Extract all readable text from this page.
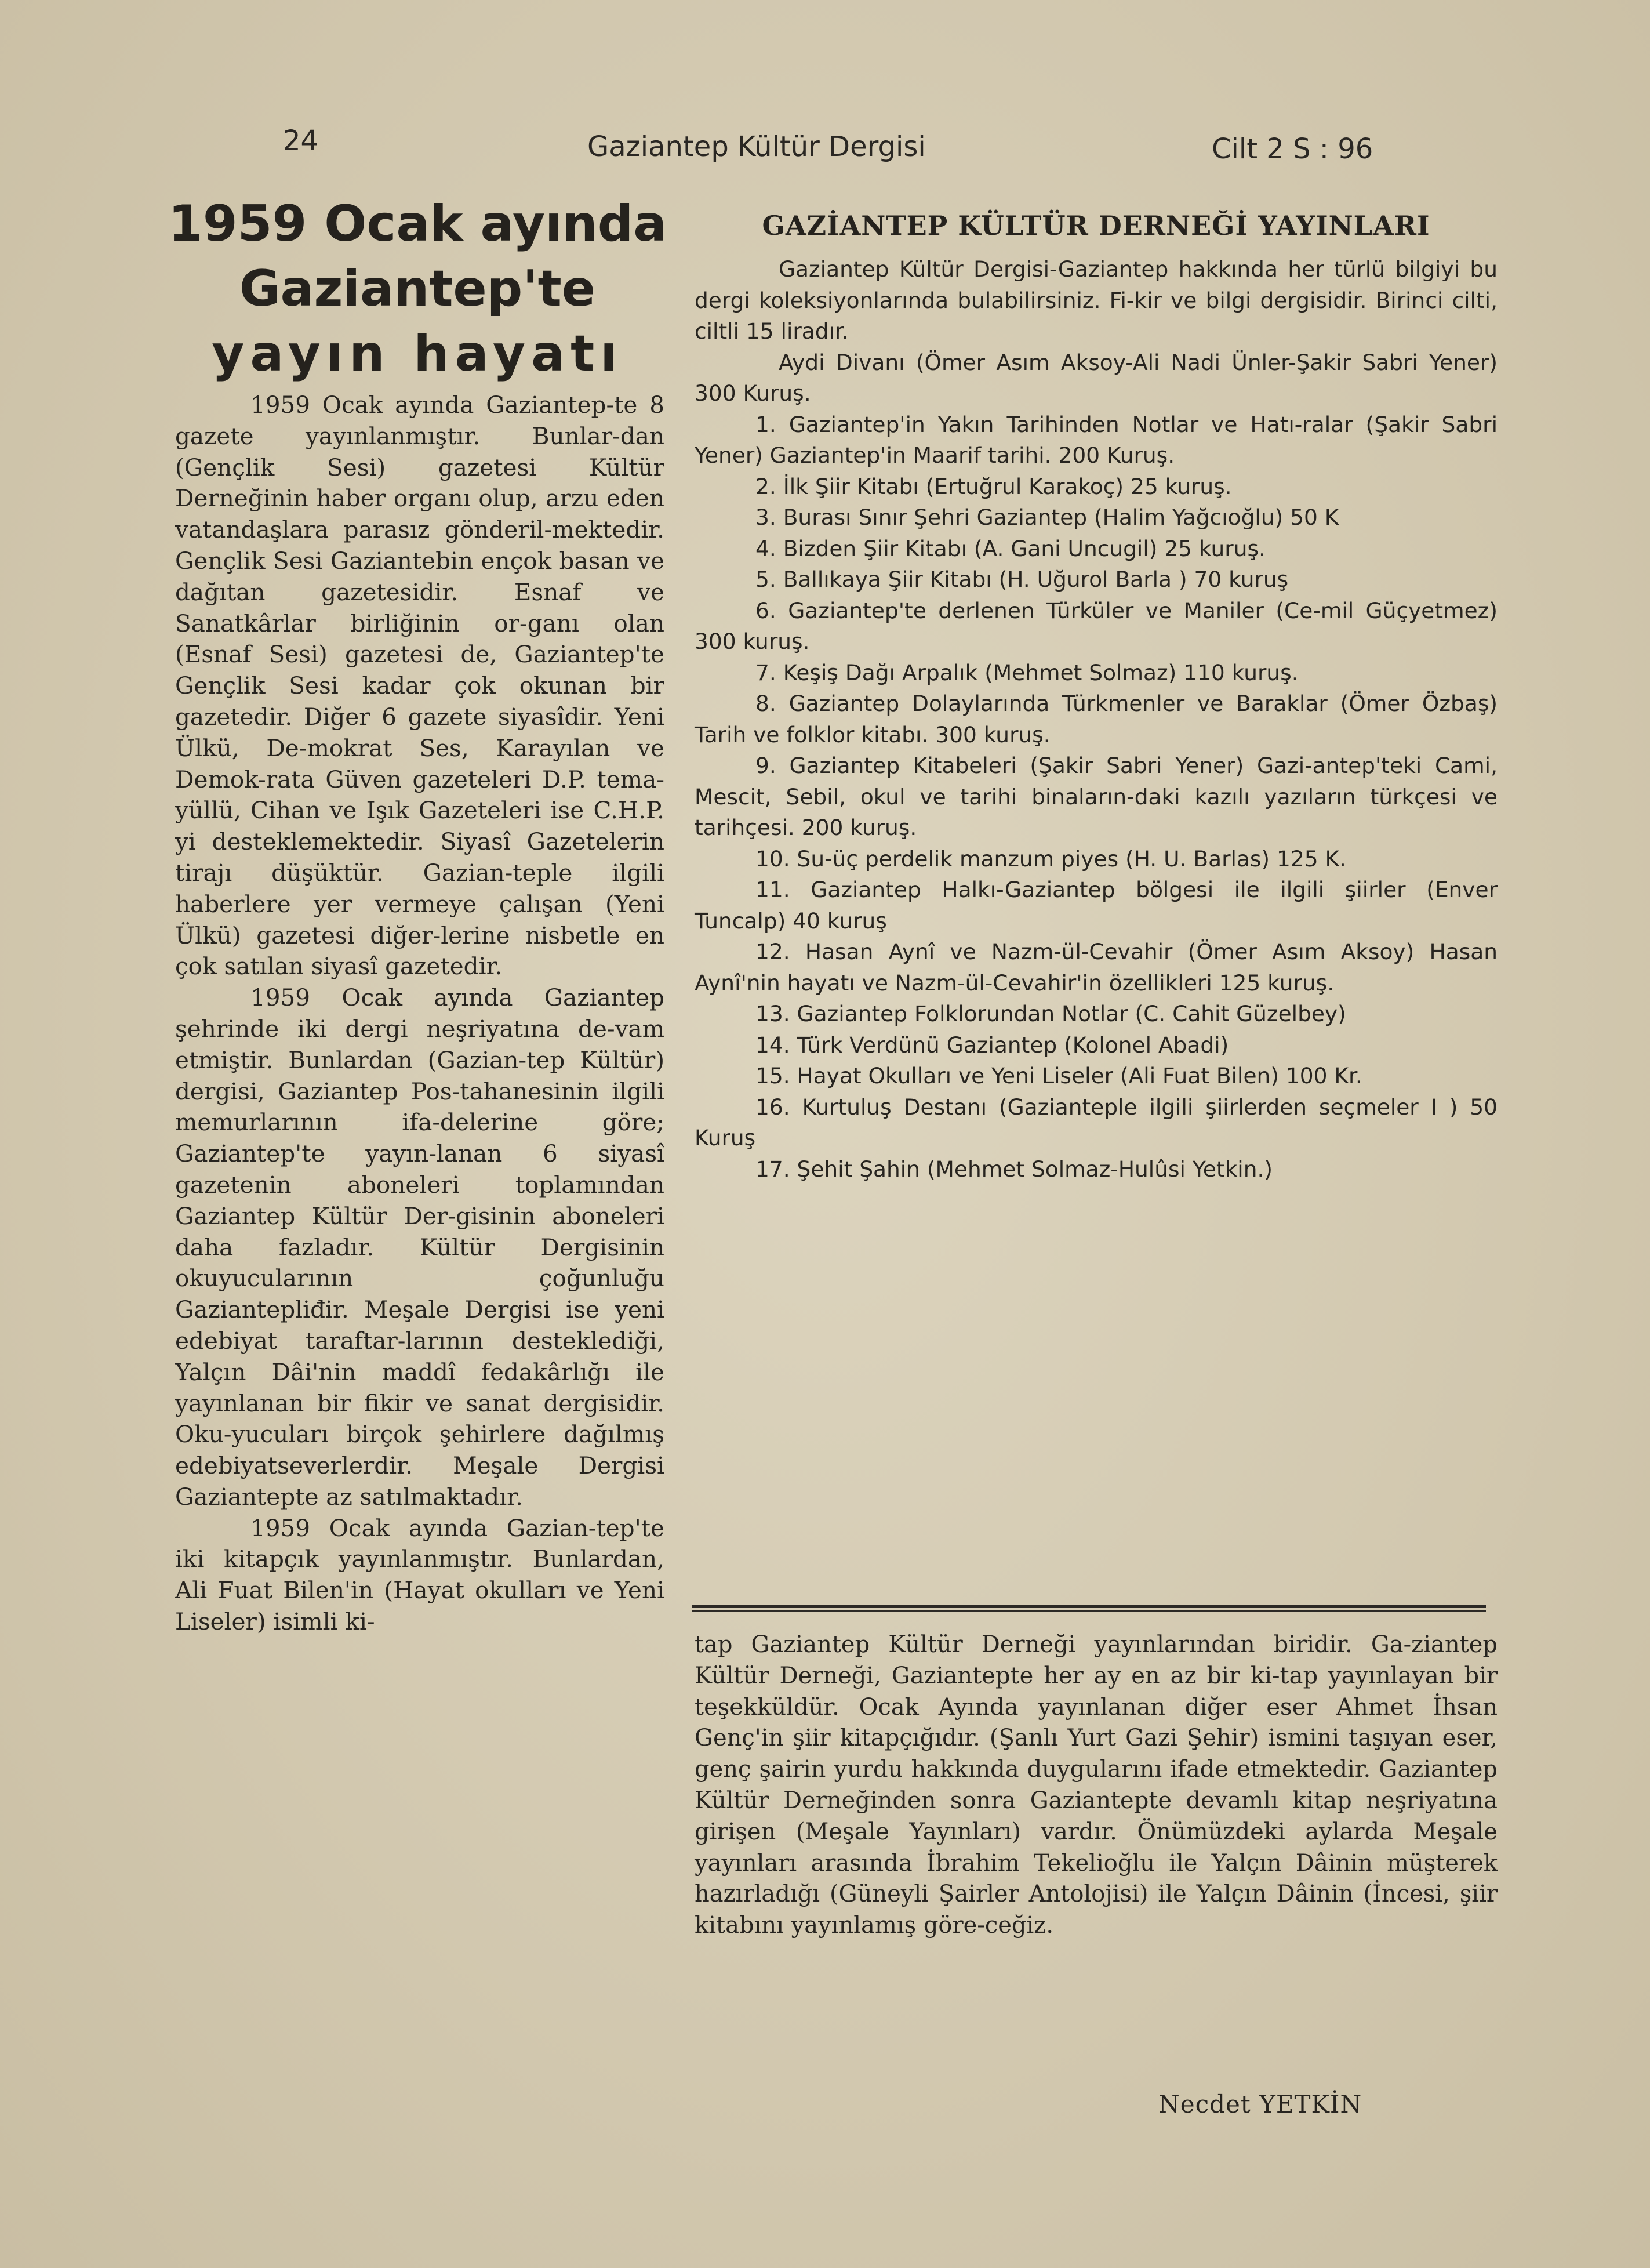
24	Gaziantep Kültür Dergisi	Cilt 2 S : 96
1959 Ocak ayında
Gaziantep'te
yayın hayatı

1959 Ocak ayında Gaziantep-te 8 gazete yayınlanmıştır. Bunlar-dan (Gençlik Sesi) gazetesi Kültür Derneğinin haber organı olup, arzu eden vatandaşlara parasız gönderil-mektedir. Gençlik Sesi Gaziantebin ençok basan ve dağıtan gazetesidir. Esnaf ve Sanatkârlar birliğinin or-ganı olan (Esnaf Sesi) gazetesi de, Gaziantep'te Gençlik Sesi kadar çok okunan bir gazetedir. Diğer 6 gazete siyasîdir. Yeni Ülkü, De-mokrat Ses, Karayılan ve Demok-rata Güven gazeteleri D.P. tema-yüllü, Cihan ve Işık Gazeteleri ise C.H.P. yi desteklemektedir. Siyasî Gazetelerin tirajı düşüktür. Gazian-teple ilgili haberlere yer vermeye çalışan (Yeni Ülkü) gazetesi diğer-lerine nisbetle en çok satılan siyasî gazetedir.

1959 Ocak ayında Gaziantep şehrinde iki dergi neşriyatına de-vam etmiştir. Bunlardan (Gazian-tep Kültür) dergisi, Gaziantep Pos-tahanesinin ilgili memurlarının ifa-delerine göre; Gaziantep'te yayın-lanan 6 siyasî gazetenin aboneleri toplamından Gaziantep Kültür Der-gisinin aboneleri daha fazladır. Kültür Dergisinin okuyucularının çoğunluğu Gaziantepliđir. Meşale Dergisi ise yeni edebiyat taraftar-larının desteklediği, Yalçın Dâi'nin maddî fedakârlığı ile yayınlanan bir fikir ve sanat dergisidir. Oku-yucuları birçok şehirlere dağılmış edebiyatseverlerdir. Meşale Dergisi Gaziantepte az satılmaktadır.

1959 Ocak ayında Gazian-tep'te iki kitapçık yayınlanmıştır. Bunlardan, Ali Fuat Bilen'in (Hayat okulları ve Yeni Liseler) isimli ki-

GAZİANTEP KÜLTÜR DERNEĞİ YAYINLARI

Gaziantep Kültür Dergisi-Gaziantep hakkında her türlü bilgiyi bu dergi koleksiyonlarında bulabilirsiniz. Fi-kir ve bilgi dergisidir. Birinci cilti, ciltli 15 liradır.

Aydi Divanı (Ömer Asım Aksoy-Ali Nadi Ünler-Şakir Sabri Yener) 300 Kuruş.

1. Gaziantep'in Yakın Tarihinden Notlar ve Hatı-ralar (Şakir Sabri Yener) Gaziantep'in Maarif tarihi. 200 Kuruş.
2. İlk Şiir Kitabı (Ertuğrul Karakoç) 25 kuruş.
3. Burası Sınır Şehri Gaziantep (Halim Yağcıoğlu) 50 K
4. Bizden Şiir Kitabı (A. Gani Uncugil) 25 kuruş.
5. Ballıkaya Şiir Kitabı (H. Uğurol Barla ) 70 kuruş
6. Gaziantep'te derlenen Türküler ve Maniler (Ce-mil Güçyetmez) 300 kuruş.
7. Keşiş Dağı Arpalık (Mehmet Solmaz) 110 kuruş.
8. Gaziantep Dolaylarında Türkmenler ve Baraklar (Ömer Özbaş) Tarih ve folklor kitabı. 300 kuruş.
9. Gaziantep Kitabeleri (Şakir Sabri Yener) Gazi-antep'teki Cami, Mescit, Sebil, okul ve tarihi binaların-daki kazılı yazıların türkçesi ve tarihçesi. 200 kuruş.
10. Su-üç perdelik manzum piyes (H. U. Barlas) 125 K.
11. Gaziantep Halkı-Gaziantep bölgesi ile ilgili şiirler (Enver Tuncalp) 40 kuruş
12. Hasan Aynî ve Nazm-ül-Cevahir (Ömer Asım Aksoy) Hasan Aynî'nin hayatı ve Nazm-ül-Cevahir'in özellikleri 125 kuruş.
13. Gaziantep Folklorundan Notlar (C. Cahit Güzelbey)
14. Türk Verdünü Gaziantep (Kolonel Abadi)
15. Hayat Okulları ve Yeni Liseler (Ali Fuat Bilen) 100 Kr.
16. Kurtuluş Destanı (Gazianteple ilgili şiirlerden seçmeler I ) 50 Kuruş
17. Şehit Şahin (Mehmet Solmaz-Hulûsi Yetkin.)

tap Gaziantep Kültür Derneği yayınlarından biridir. Ga-ziantep Kültür Derneği, Gaziantepte her ay en az bir ki-tap yayınlayan bir teşekküldür. Ocak Ayında yayınlanan diğer eser Ahmet İhsan Genç'in şiir kitapçığıdır. (Şanlı Yurt Gazi Şehir) ismini taşıyan eser, genç şairin yurdu hakkında duygularını ifade etmektedir. Gaziantep Kültür Derneğinden sonra Gaziantepte devamlı kitap neşriyatına girişen (Meşale Yayınları) vardır. Önümüzdeki aylarda Meşale yayınları arasında İbrahim Tekelioğlu ile Yalçın Dâinin müşterek hazırladığı (Güneyli Şairler Antolojisi) ile Yalçın Dâinin (İncesi, şiir kitabını yayınlamış göre-ceğiz.

Necdet YETKİN
